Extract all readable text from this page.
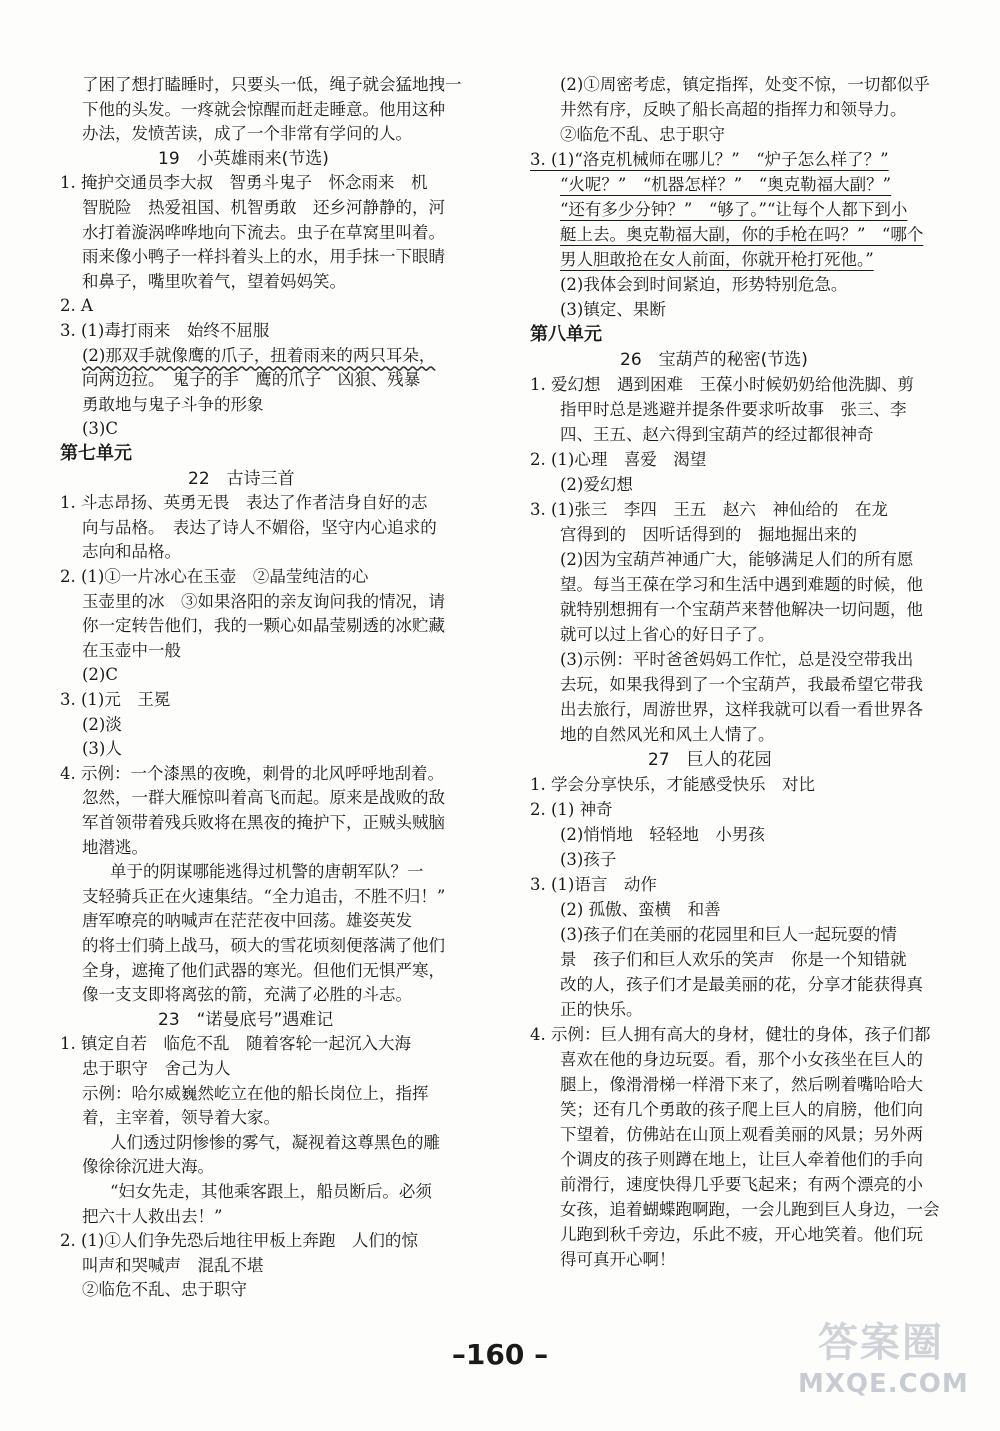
了困了想打瞌睡时，只要头一低，绳子就会猛地拽一
下他的头发。一疼就会惊醒而赶走睡意。他用这种
办法，发愤苦读，成了一个非常有学问的人。
19　小英雄雨来(节选)
1. 掩护交通员李大叔　智勇斗鬼子　怀念雨来　机
智脱险　热爱祖国、机智勇敢　还乡河静静的，河
水打着漩涡哗哗地向下流去。虫子在草窝里叫着。
雨来像小鸭子一样抖着头上的水，用手抹一下眼睛
和鼻子，嘴里吹着气，望着妈妈笑。
2. A
3. (1)毒打雨来　始终不屈服
(2)那双手就像鹰的爪子，扭着雨来的两只耳朵，
向两边拉。　鬼子的手　鹰的爪子　凶狠、残暴
勇敢地与鬼子斗争的形象
(3)C
第七单元
22　古诗三首
1. 斗志昂扬、英勇无畏　表达了作者洁身自好的志
向与品格。　表达了诗人不媚俗，坚守内心追求的
志向和品格。
2. (1)①一片冰心在玉壶　②晶莹纯洁的心
玉壶里的冰　③如果洛阳的亲友询问我的情况，请
你一定转告他们，我的一颗心如晶莹剔透的冰贮藏
在玉壶中一般
(2)C
3. (1)元　王冕
(2)淡
(3)人
4. 示例：一个漆黑的夜晚，刺骨的北风呼呼地刮着。
忽然，一群大雁惊叫着高飞而起。原来是战败的敌
军首领带着残兵败将在黑夜的掩护下，正贼头贼脑
地潜逃。
单于的阴谋哪能逃得过机警的唐朝军队？一
支轻骑兵正在火速集结。“全力追击，不胜不归！”
唐军嘹亮的呐喊声在茫茫夜中回荡。雄姿英发
的将士们骑上战马，硕大的雪花顷刻便落满了他们
全身，遮掩了他们武器的寒光。但他们无惧严寒，
像一支支即将离弦的箭，充满了必胜的斗志。
23　“诺曼底号”遇难记
1. 镇定自若　临危不乱　随着客轮一起沉入大海
忠于职守　舍己为人
示例：哈尔威巍然屹立在他的船长岗位上，指挥
着，主宰着，领导着大家。
人们透过阴惨惨的雾气，凝视着这尊黑色的雕
像徐徐沉进大海。
“妇女先走，其他乘客跟上，船员断后。必须
把六十人救出去！”
2. (1)①人们争先恐后地往甲板上奔跑　人们的惊
叫声和哭喊声　混乱不堪
②临危不乱、忠于职守
(2)①周密考虑，镇定指挥，处变不惊，一切都似乎
井然有序，反映了船长高超的指挥力和领导力。
②临危不乱、忠于职守
3. (1)“洛克机械师在哪儿？”　“炉子怎么样了？”
“火呢？”　“机器怎样？”　“奥克勒福大副？”
“还有多少分钟？”　“够了。”“让每个人都下到小
艇上去。奥克勒福大副，你的手枪在吗？”　“哪个
男人胆敢抢在女人前面，你就开枪打死他。”
(2)我体会到时间紧迫，形势特别危急。
(3)镇定、果断
第八单元
26　宝葫芦的秘密(节选)
1. 爱幻想　遇到困难　王葆小时候奶奶给他洗脚、剪
指甲时总是逃避并提条件要求听故事　张三、李
四、王五、赵六得到宝葫芦的经过都很神奇
2. (1)心理　喜爱　渴望
(2)爱幻想
3. (1)张三　李四　王五　赵六　神仙给的　在龙
宫得到的　因听话得到的　掘地掘出来的
(2)因为宝葫芦神通广大，能够满足人们的所有愿
望。每当王葆在学习和生活中遇到难题的时候，他
就特别想拥有一个宝葫芦来替他解决一切问题，他
就可以过上省心的好日子了。
(3)示例：平时爸爸妈妈工作忙，总是没空带我出
去玩，如果我得到了一个宝葫芦，我最希望它带我
出去旅行，周游世界，这样我就可以看一看世界各
地的自然风光和风土人情了。
27　巨人的花园
1. 学会分享快乐，才能感受快乐　对比
2. (1) 神奇
(2)悄悄地　轻轻地　小男孩
(3)孩子
3. (1)语言　动作
(2) 孤傲、蛮横　和善
(3)孩子们在美丽的花园里和巨人一起玩耍的情
景　孩子们和巨人欢乐的笑声　你是一个知错就
改的人，孩子们才是最美丽的花，分享才能获得真
正的快乐。
4. 示例：巨人拥有高大的身材，健壮的身体，孩子们都
喜欢在他的身边玩耍。看，那个小女孩坐在巨人的
腿上，像滑滑梯一样滑下来了，然后咧着嘴哈哈大
笑；还有几个勇敢的孩子爬上巨人的肩膀，他们向
下望着，仿佛站在山顶上观看美丽的风景；另外两
个调皮的孩子则蹲在地上，让巨人牵着他们的手向
前滑行，速度快得几乎要飞起来；有两个漂亮的小
女孩，追着蝴蝶跑啊跑，一会儿跑到巨人身边，一会
儿跑到秋千旁边，乐此不疲，开心地笑着。他们玩
得可真开心啊！
–160 –	答案圈
MXQE.COM
